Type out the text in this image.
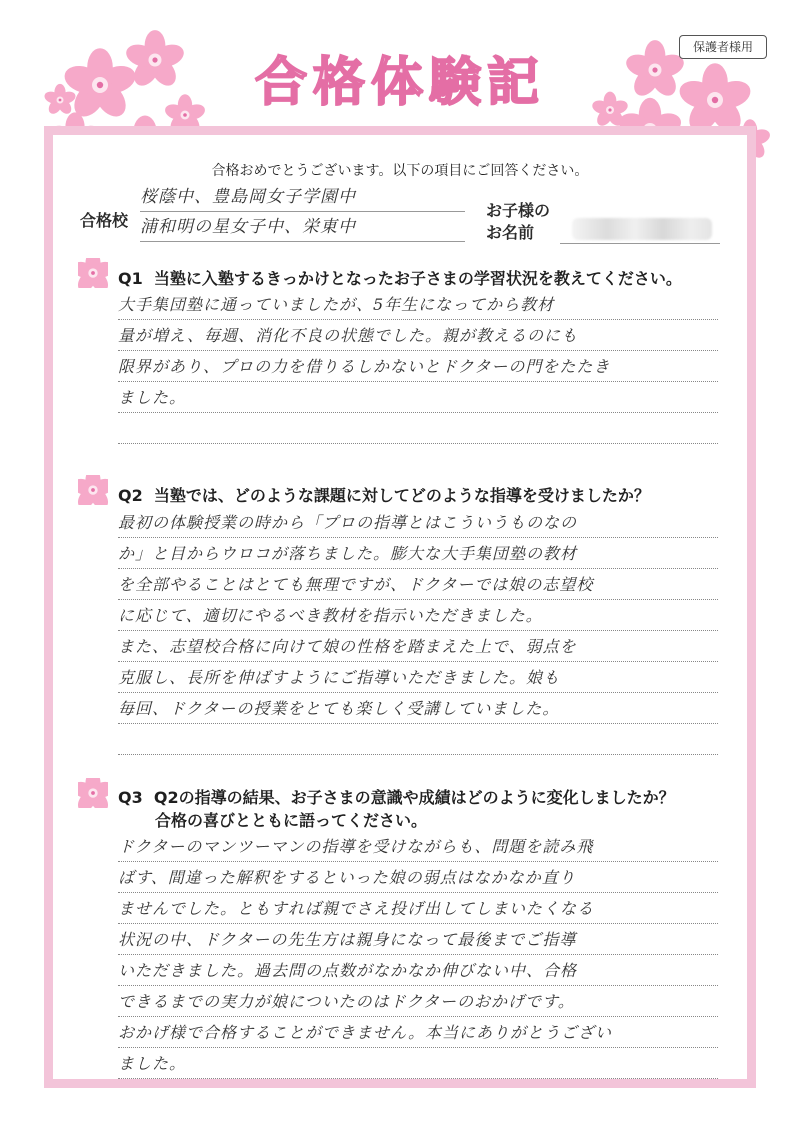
合格体験記
保護者様用
合格おめでとうございます。以下の項目にご回答ください。
合格校
桜蔭中、豊島岡女子学園中
浦和明の星女子中、栄東中
お子様の
お名前
Q1 当塾に入塾するきっかけとなったお子さまの学習状況を教えてください。
大手集団塾に通っていましたが、5年生になってから教材
量が増え、毎週、消化不良の状態でした。親が教えるのにも
限界があり、プロの力を借りるしかないとドクターの門をたたき
ました。
Q2 当塾では、どのような課題に対してどのような指導を受けましたか？
最初の体験授業の時から「プロの指導とはこういうものなの
か」と目からウロコが落ちました。膨大な大手集団塾の教材
を全部やることはとても無理ですが、ドクターでは娘の志望校
に応じて、適切にやるべき教材を指示いただきました。
また、志望校合格に向けて娘の性格を踏まえた上で、弱点を
克服し、長所を伸ばすようにご指導いただきました。娘も
毎回、ドクターの授業をとても楽しく受講していました。
Q3 Q2の指導の結果、お子さまの意識や成績はどのように変化しましたか？
合格の喜びとともに語ってください。
ドクターのマンツーマンの指導を受けながらも、問題を読み飛
ばす、間違った解釈をするといった娘の弱点はなかなか直り
ませんでした。ともすれば親でさえ投げ出してしまいたくなる
状況の中、ドクターの先生方は親身になって最後までご指導
いただきました。過去問の点数がなかなか伸びない中、合格
できるまでの実力が娘についたのはドクターのおかげです。
おかげ様で合格することができません。本当にありがとうござい
ました。
